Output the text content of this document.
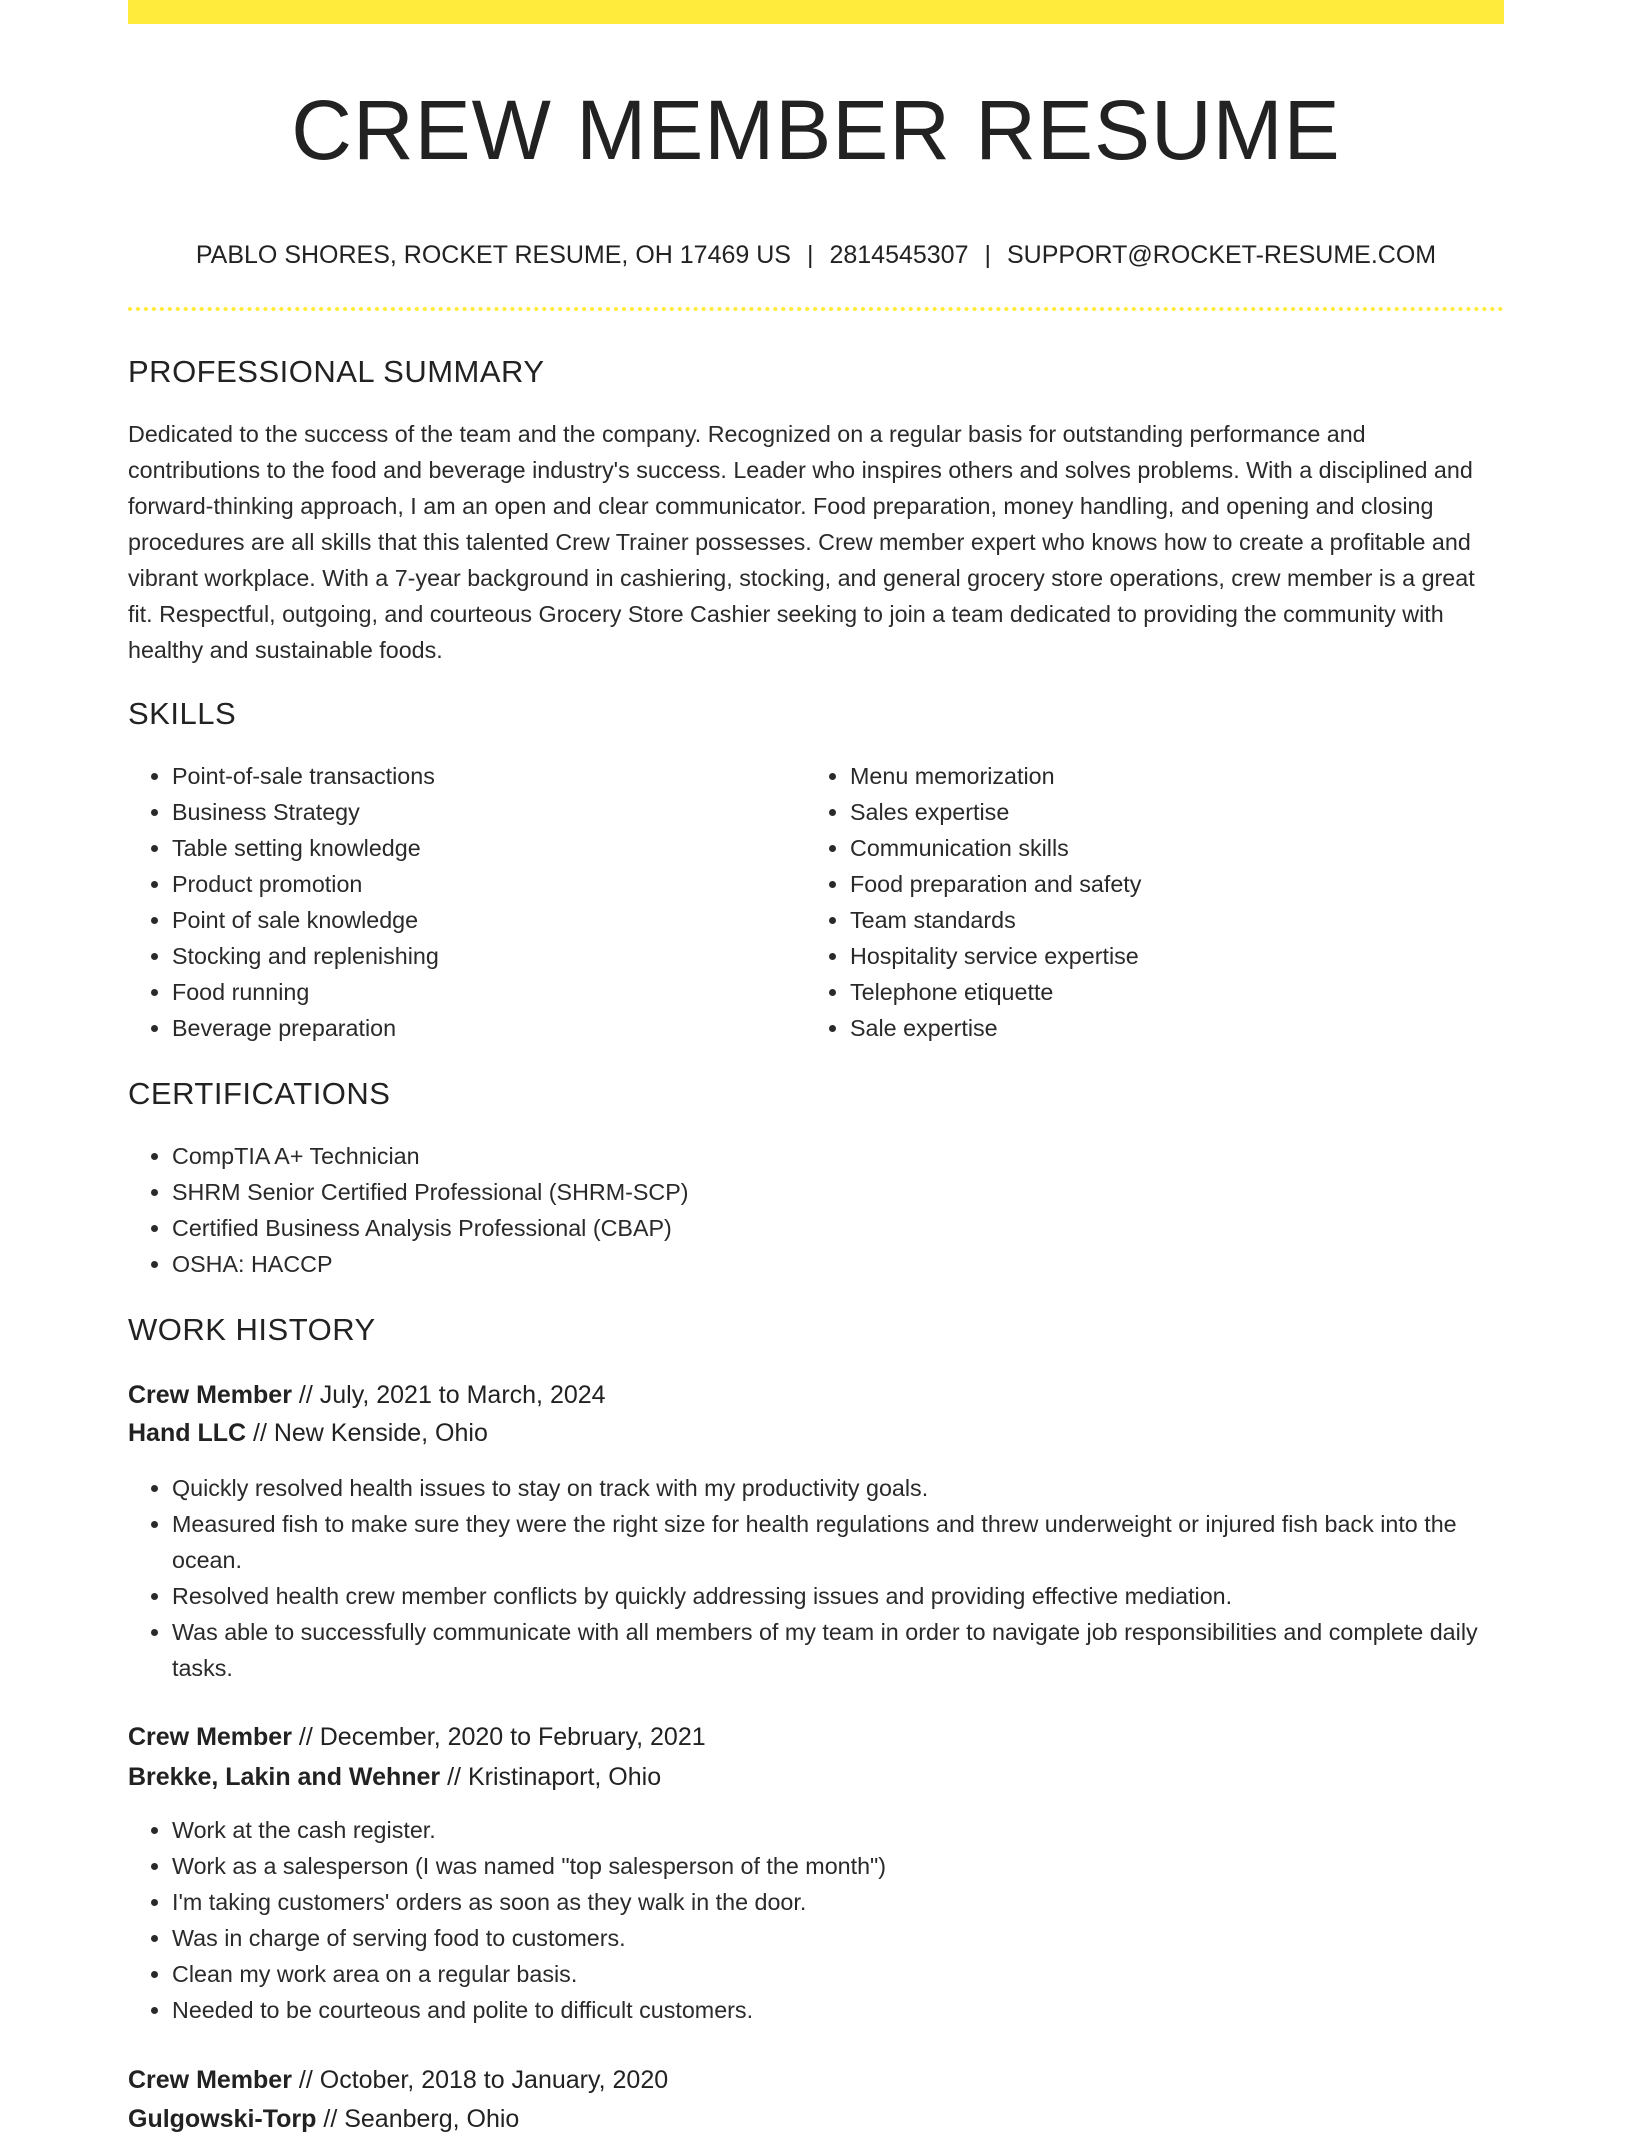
CREW MEMBER RESUME
PABLO SHORES, ROCKET RESUME, OH 17469 US | 2814545307 | SUPPORT@ROCKET-RESUME.COM
PROFESSIONAL SUMMARY

Dedicated to the success of the team and the company. Recognized on a regular basis for outstanding performance and contributions to the food and beverage industry's success. Leader who inspires others and solves problems. With a disciplined and forward-thinking approach, I am an open and clear communicator. Food preparation, money handling, and opening and closing procedures are all skills that this talented Crew Trainer possesses. Crew member expert who knows how to create a profitable and vibrant workplace. With a 7-year background in cashiering, stocking, and general grocery store operations, crew member is a great fit. Respectful, outgoing, and courteous Grocery Store Cashier seeking to join a team dedicated to providing the community with healthy and sustainable foods.

SKILLS
• Point-of-sale transactions
• Business Strategy
• Table setting knowledge
• Product promotion
• Point of sale knowledge
• Stocking and replenishing
• Food running
• Beverage preparation
• Menu memorization
• Sales expertise
• Communication skills
• Food preparation and safety
• Team standards
• Hospitality service expertise
• Telephone etiquette
• Sale expertise
CERTIFICATIONS
• CompTIA A+ Technician
• SHRM Senior Certified Professional (SHRM-SCP)
• Certified Business Analysis Professional (CBAP)
• OSHA: HACCP
WORK HISTORY
Crew Member // July, 2021 to March, 2024
Hand LLC // New Kenside, Ohio
• Quickly resolved health issues to stay on track with my productivity goals.
• Measured fish to make sure they were the right size for health regulations and threw underweight or injured fish back into the ocean.
• Resolved health crew member conflicts by quickly addressing issues and providing effective mediation.
• Was able to successfully communicate with all members of my team in order to navigate job responsibilities and complete daily tasks.
Crew Member // December, 2020 to February, 2021
Brekke, Lakin and Wehner // Kristinaport, Ohio
• Work at the cash register.
• Work as a salesperson (I was named "top salesperson of the month")
• I'm taking customers' orders as soon as they walk in the door.
• Was in charge of serving food to customers.
• Clean my work area on a regular basis.
• Needed to be courteous and polite to difficult customers.
Crew Member // October, 2018 to January, 2020
Gulgowski-Torp // Seanberg, Ohio
